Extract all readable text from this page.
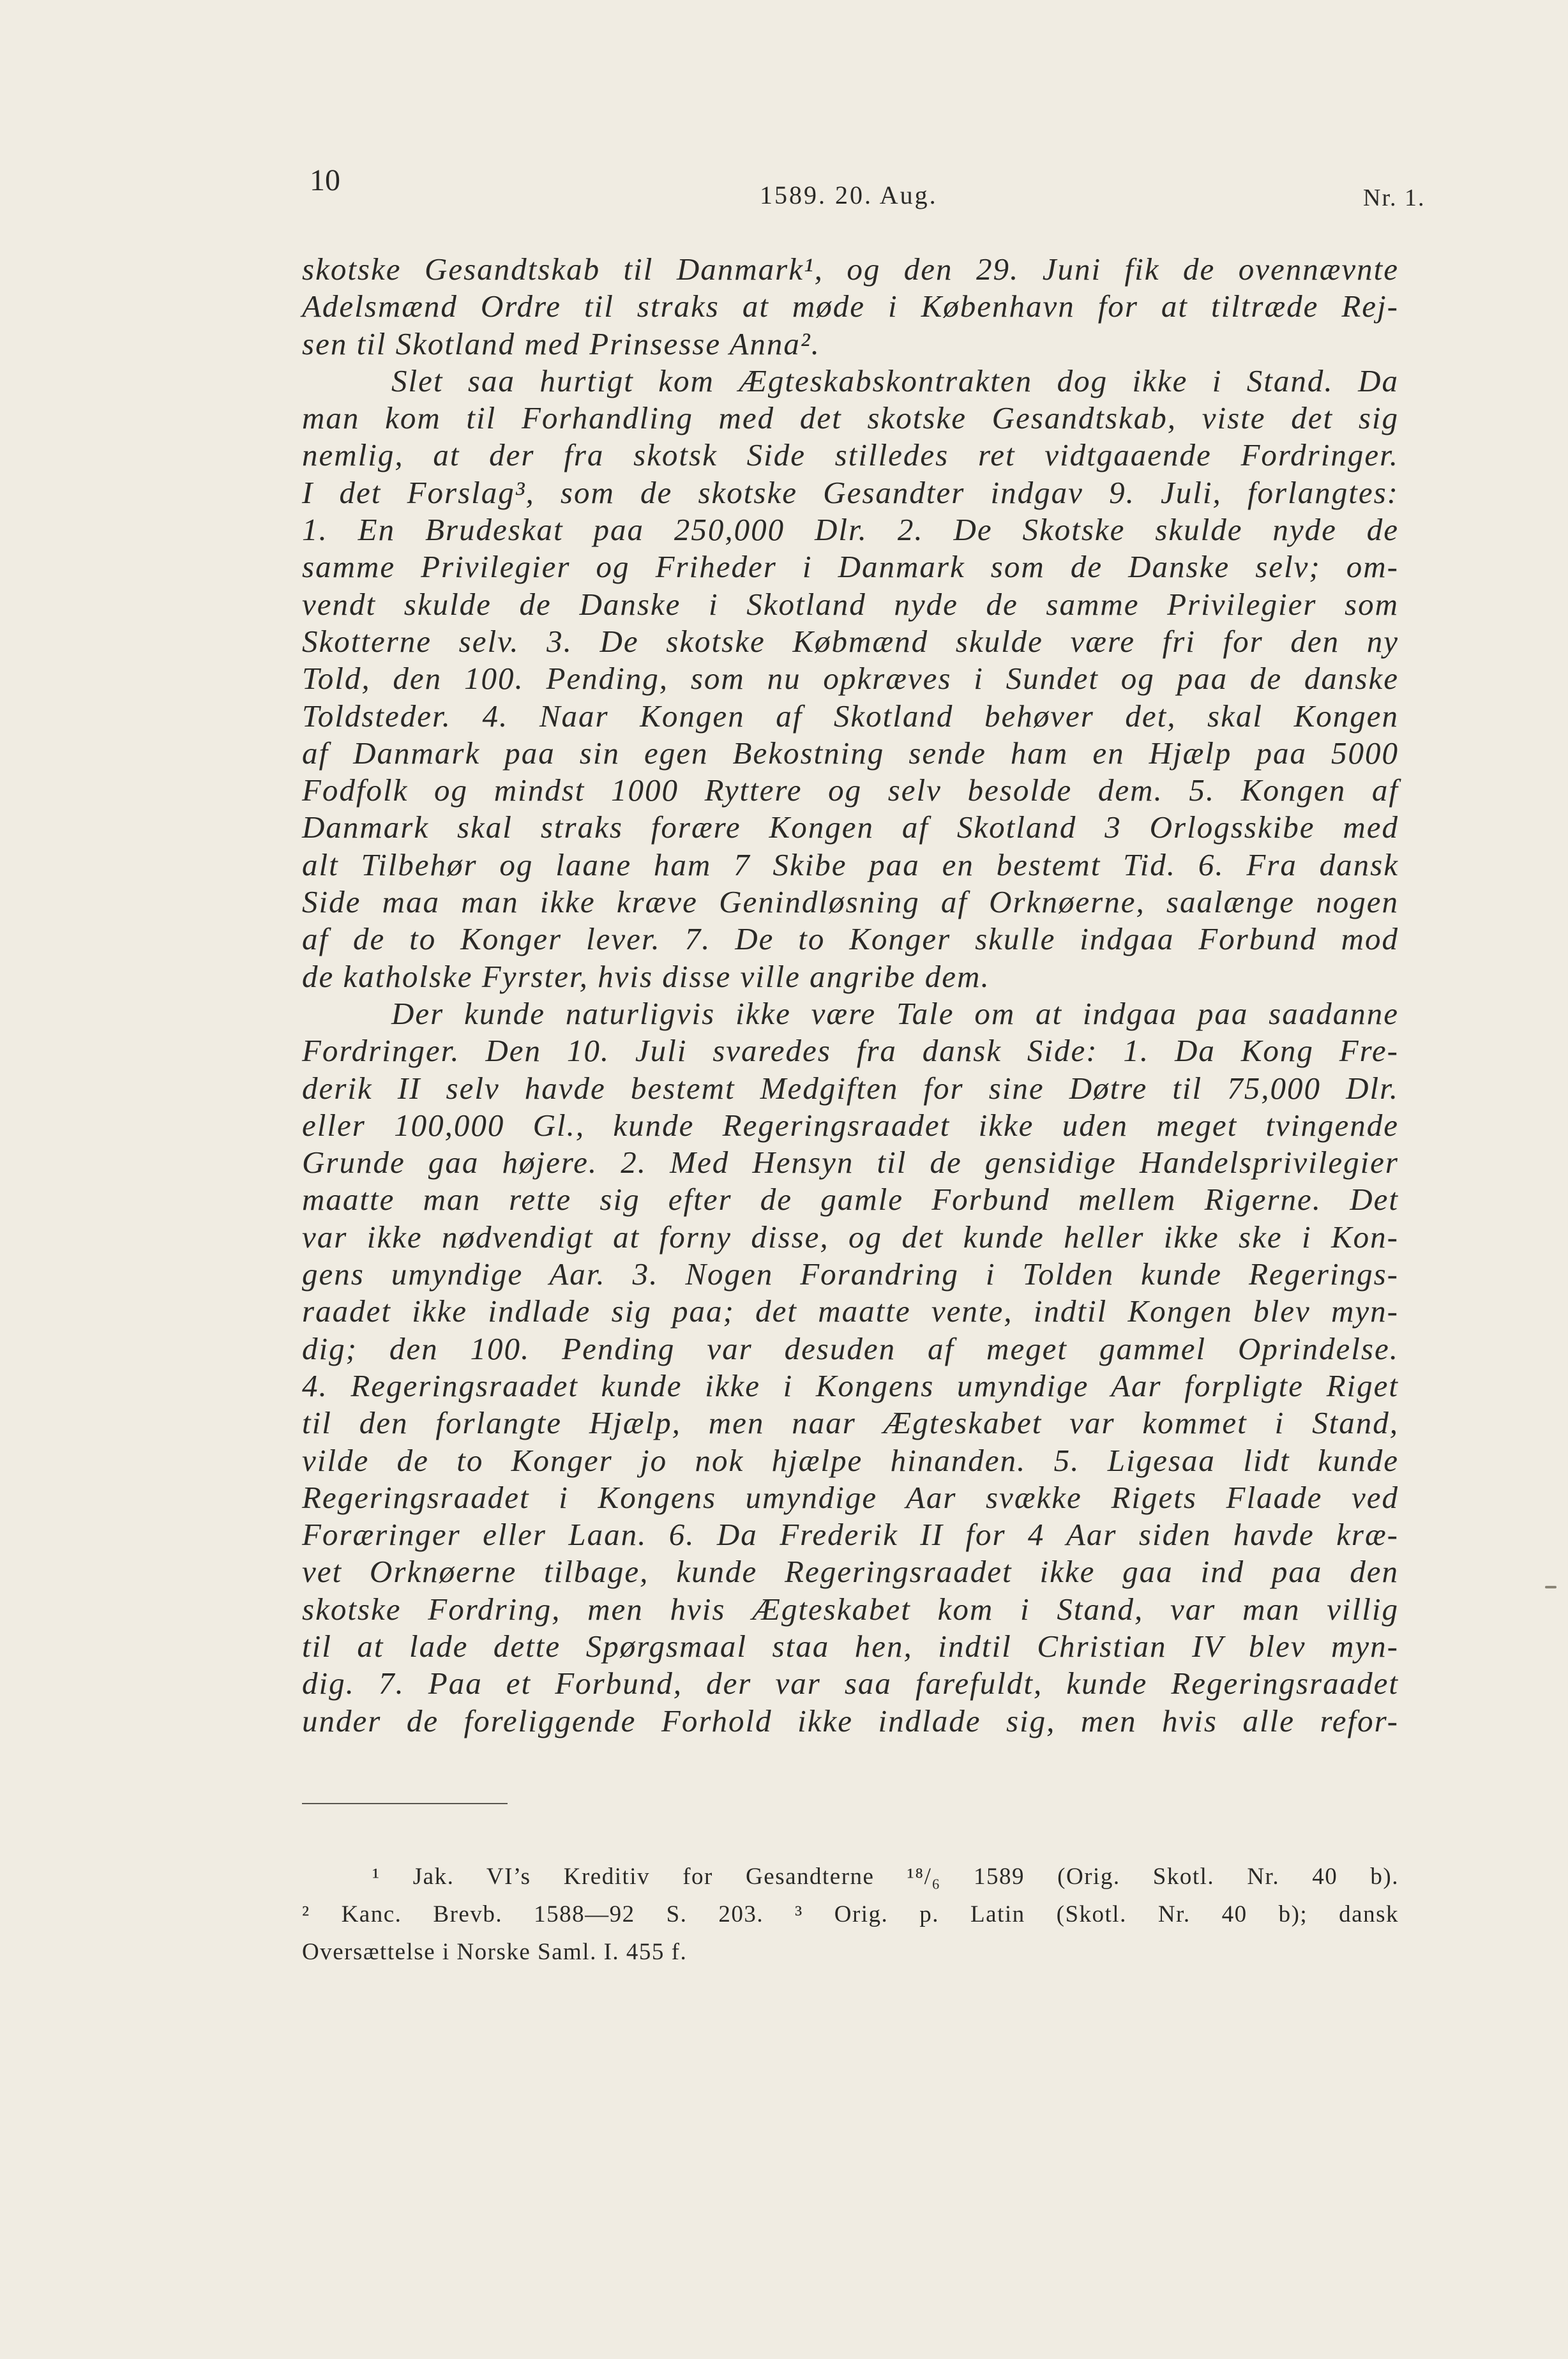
10	1589. 20. Aug.	Nr. 1.
skotske Gesandtskab til Danmark¹, og den 29. Juni fik de ovennævnte
Adelsmænd Ordre til straks at møde i København for at tiltræde Rej-
sen til Skotland med Prinsesse Anna².
Slet saa hurtigt kom Ægteskabskontrakten dog ikke i Stand. Da
man kom til Forhandling med det skotske Gesandtskab, viste det sig
nemlig, at der fra skotsk Side stilledes ret vidtgaaende Fordringer.
I det Forslag³, som de skotske Gesandter indgav 9. Juli, forlangtes:
1. En Brudeskat paa 250,000 Dlr. 2. De Skotske skulde nyde de
samme Privilegier og Friheder i Danmark som de Danske selv; om-
vendt skulde de Danske i Skotland nyde de samme Privilegier som
Skotterne selv. 3. De skotske Købmænd skulde være fri for den ny
Told, den 100. Pending, som nu opkræves i Sundet og paa de danske
Toldsteder. 4. Naar Kongen af Skotland behøver det, skal Kongen
af Danmark paa sin egen Bekostning sende ham en Hjælp paa 5000
Fodfolk og mindst 1000 Ryttere og selv besolde dem. 5. Kongen af
Danmark skal straks forære Kongen af Skotland 3 Orlogsskibe med
alt Tilbehør og laane ham 7 Skibe paa en bestemt Tid. 6. Fra dansk
Side maa man ikke kræve Genindløsning af Orknøerne, saalænge nogen
af de to Konger lever. 7. De to Konger skulle indgaa Forbund mod
de katholske Fyrster, hvis disse ville angribe dem.
Der kunde naturligvis ikke være Tale om at indgaa paa saadanne
Fordringer. Den 10. Juli svaredes fra dansk Side: 1. Da Kong Fre-
derik II selv havde bestemt Medgiften for sine Døtre til 75,000 Dlr.
eller 100,000 Gl., kunde Regeringsraadet ikke uden meget tvingende
Grunde gaa højere. 2. Med Hensyn til de gensidige Handelsprivilegier
maatte man rette sig efter de gamle Forbund mellem Rigerne. Det
var ikke nødvendigt at forny disse, og det kunde heller ikke ske i Kon-
gens umyndige Aar. 3. Nogen Forandring i Tolden kunde Regerings-
raadet ikke indlade sig paa; det maatte vente, indtil Kongen blev myn-
dig; den 100. Pending var desuden af meget gammel Oprindelse.
4. Regeringsraadet kunde ikke i Kongens umyndige Aar forpligte Riget
til den forlangte Hjælp, men naar Ægteskabet var kommet i Stand,
vilde de to Konger jo nok hjælpe hinanden. 5. Ligesaa lidt kunde
Regeringsraadet i Kongens umyndige Aar svække Rigets Flaade ved
Foræringer eller Laan. 6. Da Frederik II for 4 Aar siden havde kræ-
vet Orknøerne tilbage, kunde Regeringsraadet ikke gaa ind paa den
skotske Fordring, men hvis Ægteskabet kom i Stand, var man villig
til at lade dette Spørgsmaal staa hen, indtil Christian IV blev myn-
dig. 7. Paa et Forbund, der var saa farefuldt, kunde Regeringsraadet
under de foreliggende Forhold ikke indlade sig, men hvis alle refor-
¹ Jak. VI’s Kreditiv for Gesandterne ¹⁸/₆ 1589 (Orig. Skotl. Nr. 40 b).
² Kanc. Brevb. 1588—92 S. 203. ³ Orig. p. Latin (Skotl. Nr. 40 b); dansk
Oversættelse i Norske Saml. I. 455 f.
